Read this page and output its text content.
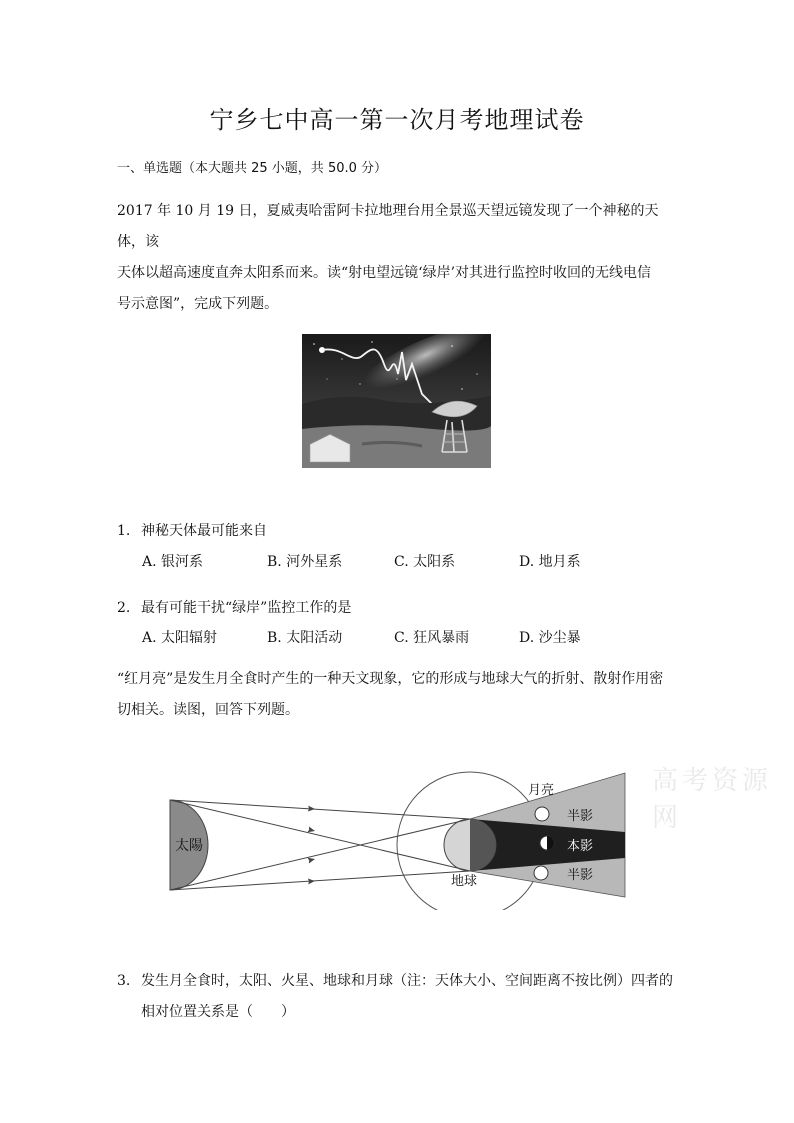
宁乡七中高一第一次月考地理试卷
一、单选题（本大题共 25 小题，共 50.0 分）
2017 年 10 月 19 日，夏威夷哈雷阿卡拉地理台用全景巡天望远镜发现了一个神秘的天体，该
天体以超高速度直奔太阳系而来。读“射电望远镜‘绿岸’对其进行监控时收回的无线电信
号示意图”，完成下列题。
1. 神秘天体最可能来自
A. 银河系	B. 河外星系	C. 太阳系	D. 地月系
2. 最有可能干扰“绿岸”监控工作的是
A. 太阳辐射	B. 太阳活动	C. 狂风暴雨	D. 沙尘暴
“红月亮”是发生月全食时产生的一种天文现象，它的形成与地球大气的折射、散射作用密
切相关。读图，回答下列题。
高考资源网
太陽
月亮
半影
本影
半影
地球
3. 发生月全食时，太阳、火星、地球和月球（注：天体大小、空间距离不按比例）四者的
相对位置关系是（　　）
